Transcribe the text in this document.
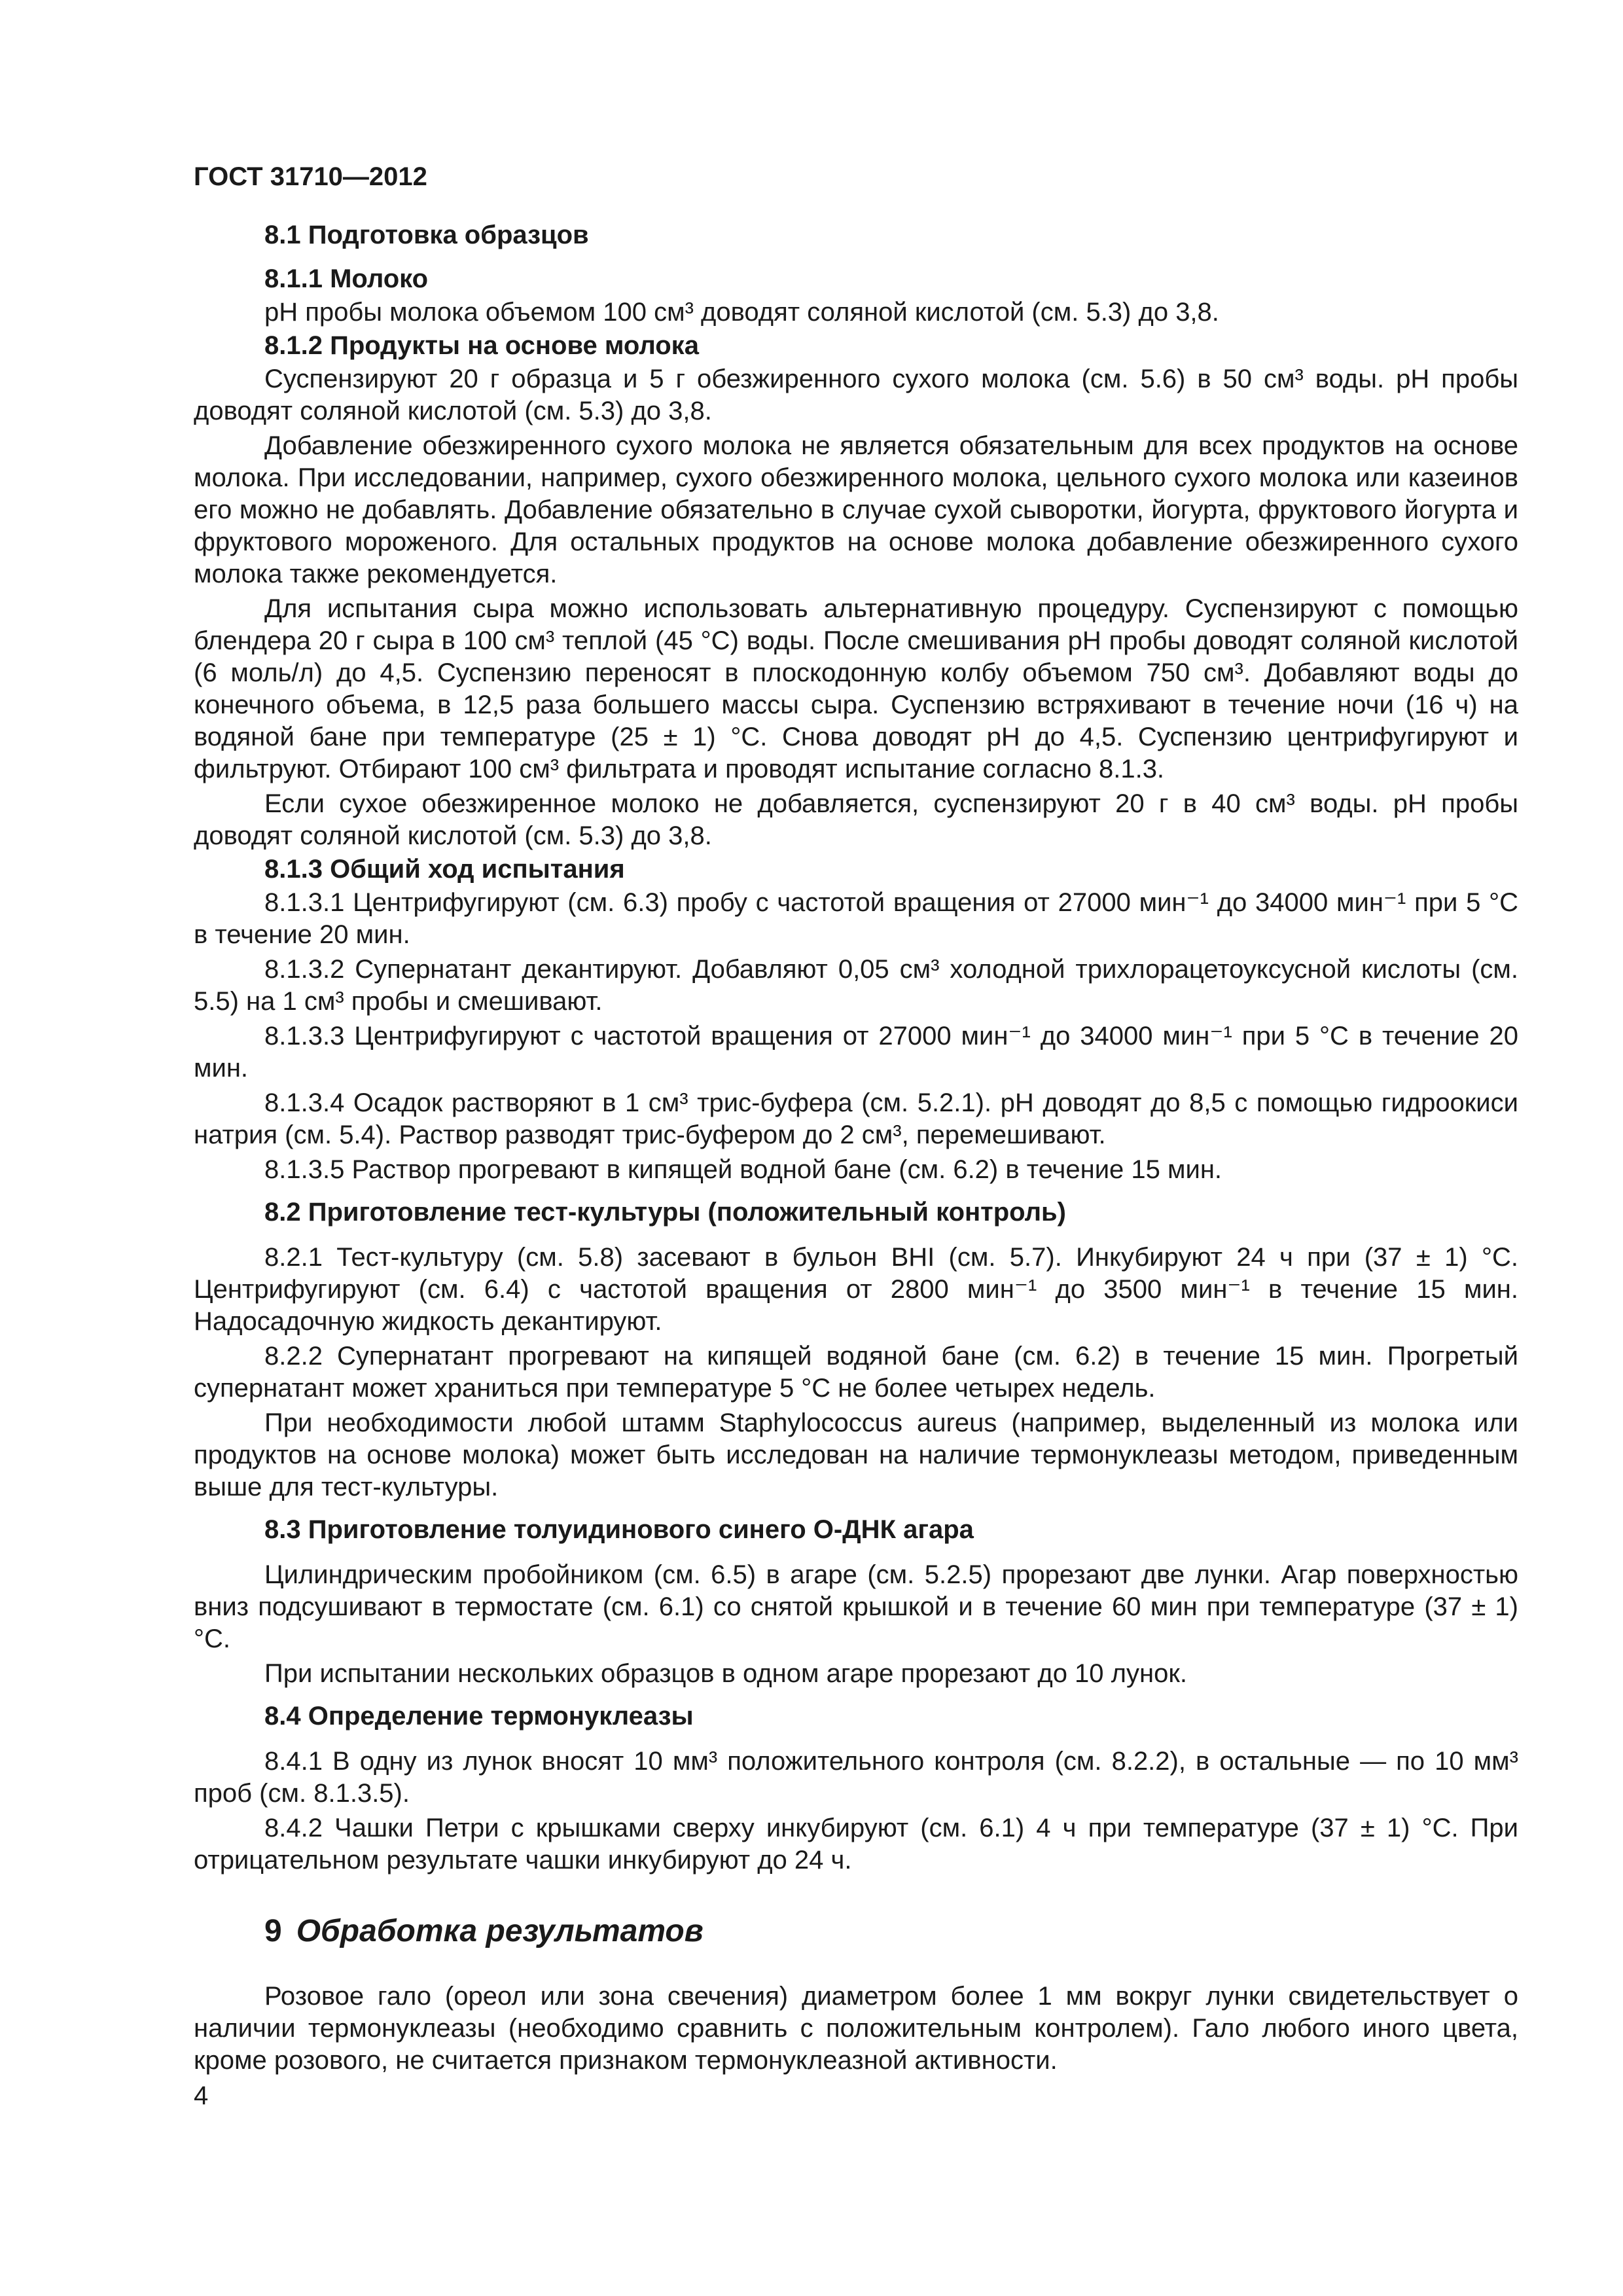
ГОСТ 31710—2012
8.1 Подготовка образцов
8.1.1 Молоко

pH пробы молока объемом 100 см³ доводят соляной кислотой (см. 5.3) до 3,8.

8.1.2 Продукты на основе молока

Суспензируют 20 г образца и 5 г обезжиренного сухого молока (см. 5.6) в 50 см³ воды. pH пробы доводят соляной кислотой (см. 5.3) до 3,8.

Добавление обезжиренного сухого молока не является обязательным для всех продуктов на основе молока. При исследовании, например, сухого обезжиренного молока, цельного сухого молока или казеинов его можно не добавлять. Добавление обязательно в случае сухой сыворотки, йогурта, фруктового йогурта и фруктового мороженого. Для остальных продуктов на основе молока добавление обезжиренного сухого молока также рекомендуется.

Для испытания сыра можно использовать альтернативную процедуру. Суспензируют с помощью блендера 20 г сыра в 100 см³ теплой (45 °С) воды. После смешивания pH пробы доводят соляной кислотой (6 моль/л) до 4,5. Суспензию переносят в плоскодонную колбу объемом 750 см³. Добавляют воды до конечного объема, в 12,5 раза большего массы сыра. Суспензию встряхивают в течение ночи (16 ч) на водяной бане при температуре (25 ± 1) °С. Снова доводят pH до 4,5. Суспензию центрифугируют и фильтруют. Отбирают 100 см³ фильтрата и проводят испытание согласно 8.1.3.

Если сухое обезжиренное молоко не добавляется, суспензируют 20 г в 40 см³ воды. pH пробы доводят соляной кислотой (см. 5.3) до 3,8.

8.1.3 Общий ход испытания

8.1.3.1 Центрифугируют (см. 6.3) пробу с частотой вращения от 27000 мин⁻¹ до 34000 мин⁻¹ при 5 °С в течение 20 мин.

8.1.3.2 Супернатант декантируют. Добавляют 0,05 см³ холодной трихлорацетоуксусной кислоты (см. 5.5) на 1 см³ пробы и смешивают.

8.1.3.3 Центрифугируют с частотой вращения от 27000 мин⁻¹ до 34000 мин⁻¹ при 5 °С в течение 20 мин.

8.1.3.4 Осадок растворяют в 1 см³ трис-буфера (см. 5.2.1). pH доводят до 8,5 с помощью гидроокиси натрия (см. 5.4). Раствор разводят трис-буфером до 2 см³, перемешивают.

8.1.3.5 Раствор прогревают в кипящей водной бане (см. 6.2) в течение 15 мин.

8.2 Приготовление тест-культуры (положительный контроль)

8.2.1 Тест-культуру (см. 5.8) засевают в бульон BHI (см. 5.7). Инкубируют 24 ч при (37 ± 1) °С. Центрифугируют (см. 6.4) с частотой вращения от 2800 мин⁻¹ до 3500 мин⁻¹ в течение 15 мин. Надосадочную жидкость декантируют.

8.2.2 Супернатант прогревают на кипящей водяной бане (см. 6.2) в течение 15 мин. Прогретый супернатант может храниться при температуре 5 °С не более четырех недель.

При необходимости любой штамм Staphylococcus aureus (например, выделенный из молока или продуктов на основе молока) может быть исследован на наличие термонуклеазы методом, приведенным выше для тест-культуры.

8.3 Приготовление толуидинового синего О-ДНК агара

Цилиндрическим пробойником (см. 6.5) в агаре (см. 5.2.5) прорезают две лунки. Агар поверхностью вниз подсушивают в термостате (см. 6.1) со снятой крышкой и в течение 60 мин при температуре (37 ± 1) °С.

При испытании нескольких образцов в одном агаре прорезают до 10 лунок.

8.4 Определение термонуклеазы

8.4.1 В одну из лунок вносят 10 мм³ положительного контроля (см. 8.2.2), в остальные — по 10 мм³ проб (см. 8.1.3.5).

8.4.2 Чашки Петри с крышками сверху инкубируют (см. 6.1) 4 ч при температуре (37 ± 1) °С. При отрицательном результате чашки инкубируют до 24 ч.

9 Обработка результатов

Розовое гало (ореол или зона свечения) диаметром более 1 мм вокруг лунки свидетельствует о наличии термонуклеазы (необходимо сравнить с положительным контролем). Гало любого иного цвета, кроме розового, не считается признаком термонуклеазной активности.

4
